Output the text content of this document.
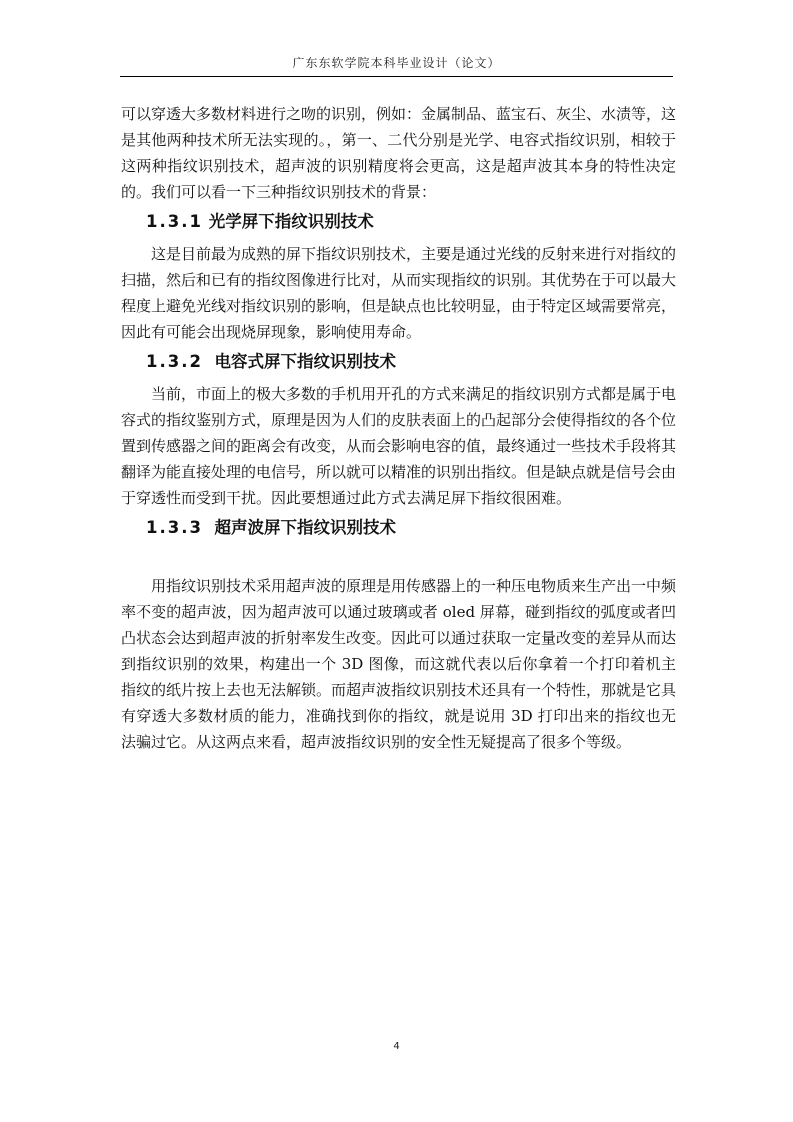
广东东软学院本科毕业设计（论文）

可以穿透大多数材料进行之吻的识别，例如：金属制品、蓝宝石、灰尘、水渍等，这是其他两种技术所无法实现的。，第一、二代分别是光学、电容式指纹识别，相较于这两种指纹识别技术，超声波的识别精度将会更高，这是超声波其本身的特性决定的。我们可以看一下三种指纹识别技术的背景：

1.3.1 光学屏下指纹识别技术

这是目前最为成熟的屏下指纹识别技术，主要是通过光线的反射来进行对指纹的扫描，然后和已有的指纹图像进行比对，从而实现指纹的识别。其优势在于可以最大程度上避免光线对指纹识别的影响，但是缺点也比较明显，由于特定区域需要常亮，因此有可能会出现烧屏现象，影响使用寿命。

1.3.2 电容式屏下指纹识别技术

当前，市面上的极大多数的手机用开孔的方式来满足的指纹识别方式都是属于电容式的指纹鉴别方式，原理是因为人们的皮肤表面上的凸起部分会使得指纹的各个位置到传感器之间的距离会有改变，从而会影响电容的值，最终通过一些技术手段将其翻译为能直接处理的电信号，所以就可以精准的识别出指纹。但是缺点就是信号会由于穿透性而受到干扰。因此要想通过此方式去满足屏下指纹很困难。

1.3.3 超声波屏下指纹识别技术

用指纹识别技术采用超声波的原理是用传感器上的一种压电物质来生产出一中频率不变的超声波，因为超声波可以通过玻璃或者 oled 屏幕，碰到指纹的弧度或者凹凸状态会达到超声波的折射率发生改变。因此可以通过获取一定量改变的差异从而达到指纹识别的效果，构建出一个 3D 图像，而这就代表以后你拿着一个打印着机主指纹的纸片按上去也无法解锁。而超声波指纹识别技术还具有一个特性，那就是它具有穿透大多数材质的能力，准确找到你的指纹，就是说用 3D 打印出来的指纹也无法骗过它。从这两点来看，超声波指纹识别的安全性无疑提高了很多个等级。

4
